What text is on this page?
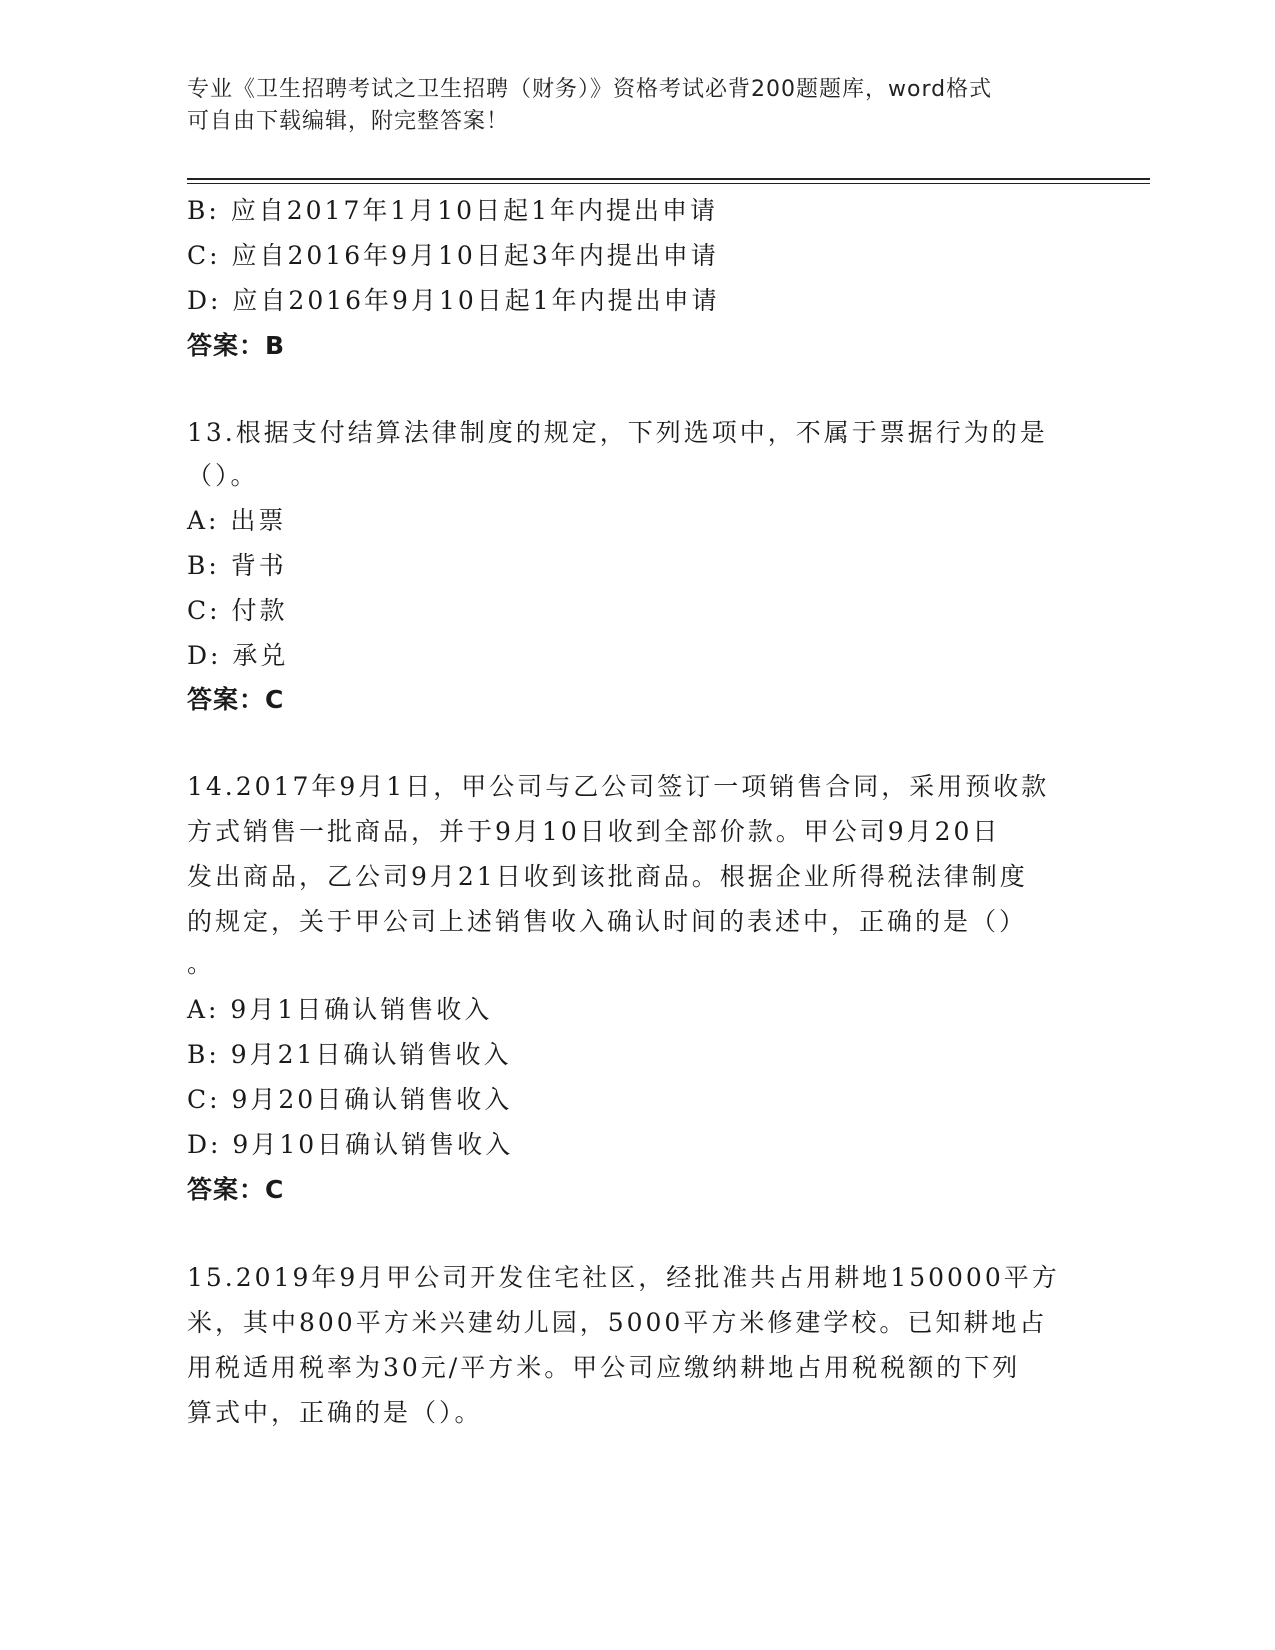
专业《卫生招聘考试之卫生招聘（财务）》资格考试必背200题题库，word格式

可自由下载编辑，附完整答案！

B: 应自2017年1月10日起1年内提出申请
C: 应自2016年9月10日起3年内提出申请
D: 应自2016年9月10日起1年内提出申请
答案：B
13.根据支付结算法律制度的规定，下列选项中，不属于票据行为的是
（）。
A: 出票
B: 背书
C: 付款
D: 承兑
答案：C
14.2017年9月1日，甲公司与乙公司签订一项销售合同，采用预收款
方式销售一批商品，并于9月10日收到全部价款。甲公司9月20日
发出商品，乙公司9月21日收到该批商品。根据企业所得税法律制度
的规定，关于甲公司上述销售收入确认时间的表述中，正确的是（）
。
A: 9月1日确认销售收入
B: 9月21日确认销售收入
C: 9月20日确认销售收入
D: 9月10日确认销售收入
答案：C
15.2019年9月甲公司开发住宅社区，经批准共占用耕地150000平方
米，其中800平方米兴建幼儿园，5000平方米修建学校。已知耕地占
用税适用税率为30元/平方米。甲公司应缴纳耕地占用税税额的下列
算式中，正确的是（）。
